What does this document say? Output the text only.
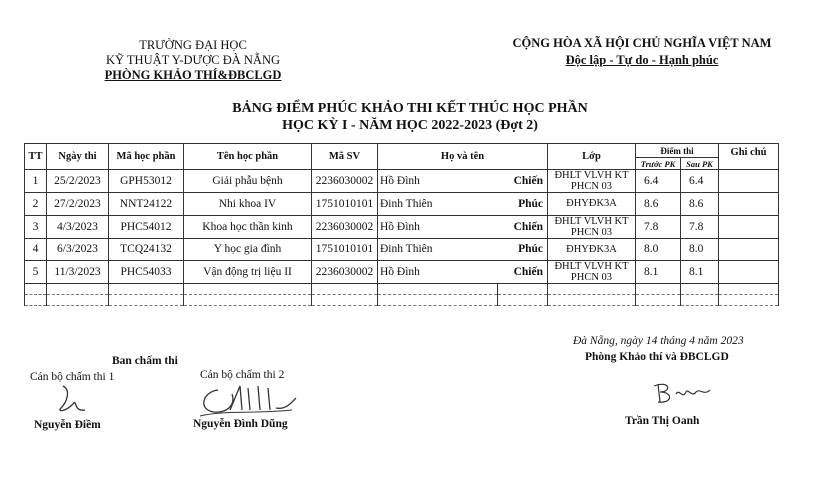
TRƯỜNG ĐẠI HỌC
KỸ THUẬT Y-DƯỢC ĐÀ NẴNG
PHÒNG KHẢO THÍ&ĐBCLGD
CỘNG HÒA XÃ HỘI CHỦ NGHĨA VIỆT NAM
Độc lập - Tự do - Hạnh phúc
BẢNG ĐIỂM PHÚC KHẢO THI KẾT THÚC HỌC PHẦN
HỌC KỲ I - NĂM HỌC 2022-2023 (Đợt 2)
TT	Ngày thi	Mã học phần	Tên học phần	Mã SV	Họ và tên		Lớp	Điểm thi		Ghi chú
								Trước PK	Sau PK	
1	25/2/2023	GPH53012	Giải phẫu bệnh	2236030002	Hồ Đình	Chiến	ĐHLT VLVH KT PHCN 03	6.4	6.4	
2	27/2/2023	NNT24122	Nhi khoa IV	1751010101	Đinh Thiên	Phúc	ĐHYĐK3A	8.6	8.6	
3	4/3/2023	PHC54012	Khoa học thần kinh	2236030002	Hồ Đình	Chiến	ĐHLT VLVH KT PHCN 03	7.8	7.8	
4	6/3/2023	TCQ24132	Y học gia đình	1751010101	Đinh Thiên	Phúc	ĐHYĐK3A	8.0	8.0	
5	11/3/2023	PHC54033	Vận động trị liệu II	2236030002	Hồ Đình	Chiến	ĐHLT VLVH KT PHCN 03	8.1	8.1	

Đà Nẵng, ngày 14 tháng 4 năm 2023
Phòng Khảo thí và ĐBCLGD
Ban chấm thi
Cán bộ chấm thi 1	Cán bộ chấm thi 2
Nguyễn Điềm	Nguyễn Đình Dũng	Trần Thị Oanh
